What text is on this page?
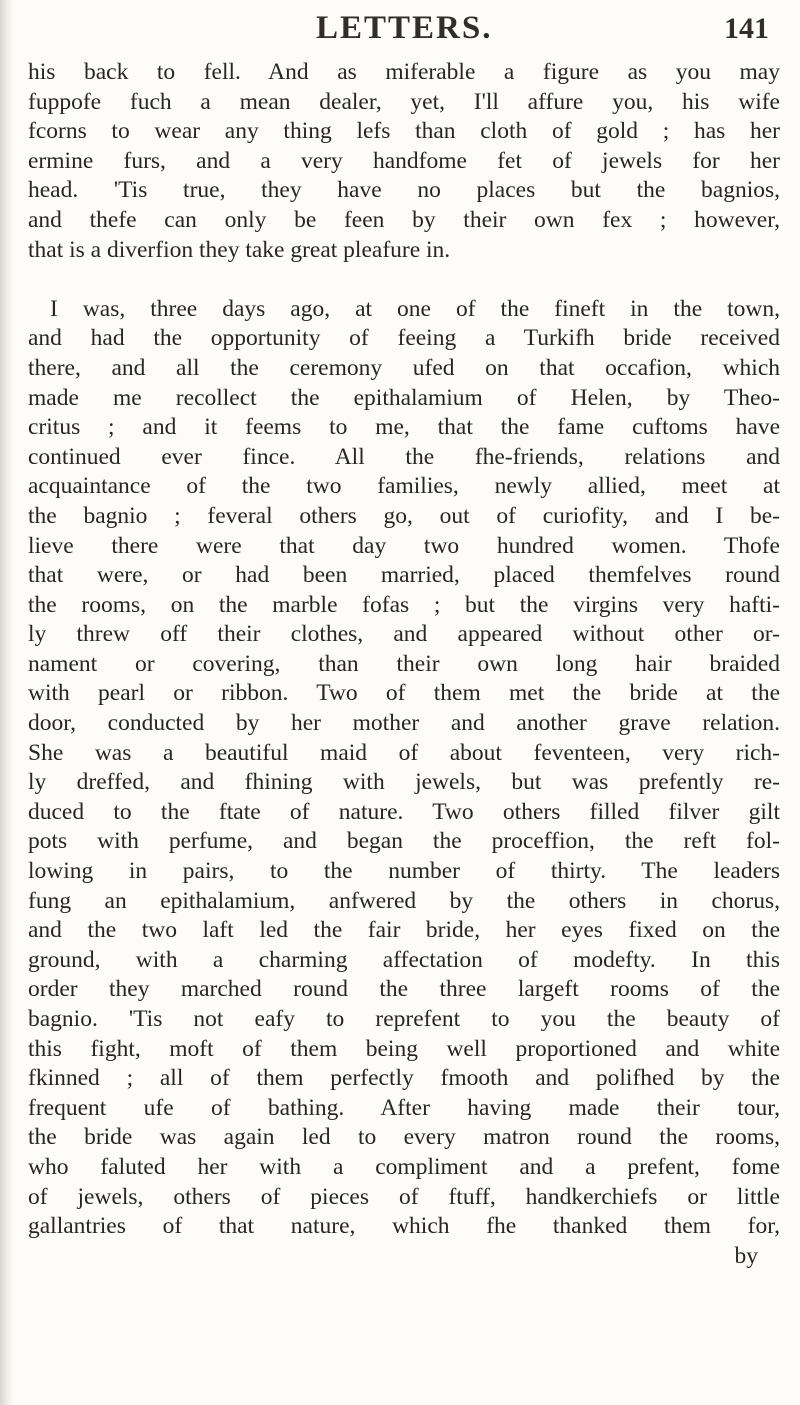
LETTERS.	141
his back to fell. And as miferable a figure as you may
fuppofe fuch a mean dealer, yet, I'll affure you, his wife
fcorns to wear any thing lefs than cloth of gold ; has her
ermine furs, and a very handfome fet of jewels for her
head. 'Tis true, they have no places but the bagnios,
and thefe can only be feen by their own fex ; however,
that is a diverfion they take great pleafure in.
I was, three days ago, at one of the fineft in the town,
and had the opportunity of feeing a Turkifh bride received
there, and all the ceremony ufed on that occafion, which
made me recollect the epithalamium of Helen, by Theo-
critus ; and it feems to me, that the fame cuftoms have
continued ever fince. All the fhe-friends, relations and
acquaintance of the two families, newly allied, meet at
the bagnio ; feveral others go, out of curiofity, and I be-
lieve there were that day two hundred women. Thofe
that were, or had been married, placed themfelves round
the rooms, on the marble fofas ; but the virgins very hafti-
ly threw off their clothes, and appeared without other or-
nament or covering, than their own long hair braided
with pearl or ribbon. Two of them met the bride at the
door, conducted by her mother and another grave relation.
She was a beautiful maid of about feventeen, very rich-
ly dreffed, and fhining with jewels, but was prefently re-
duced to the ftate of nature. Two others filled filver gilt
pots with perfume, and began the proceffion, the reft fol-
lowing in pairs, to the number of thirty. The leaders
fung an epithalamium, anfwered by the others in chorus,
and the two laft led the fair bride, her eyes fixed on the
ground, with a charming affectation of modefty. In this
order they marched round the three largeft rooms of the
bagnio. 'Tis not eafy to reprefent to you the beauty of
this fight, moft of them being well proportioned and white
fkinned ; all of them perfectly fmooth and polifhed by the
frequent ufe of bathing. After having made their tour,
the bride was again led to every matron round the rooms,
who faluted her with a compliment and a prefent, fome
of jewels, others of pieces of ftuff, handkerchiefs or little
gallantries of that nature, which fhe thanked them for,
by
